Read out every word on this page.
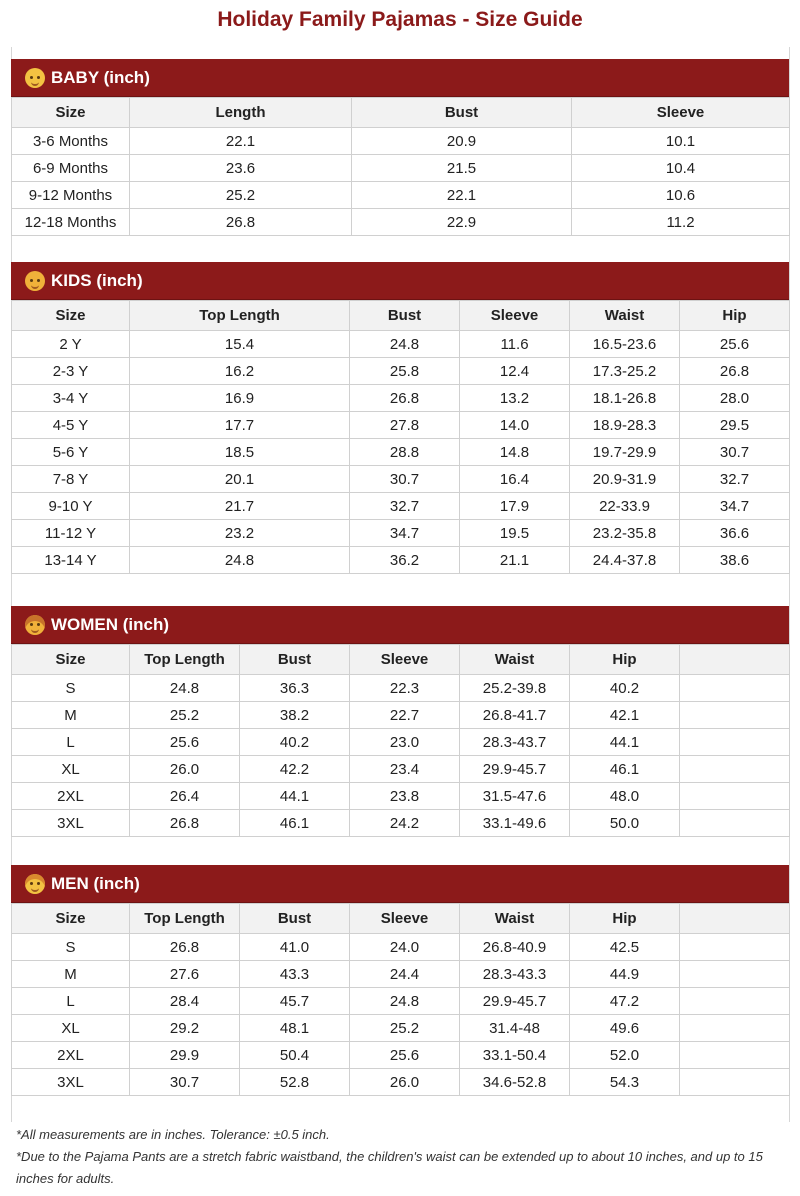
Holiday Family Pajamas - Size Guide
BABY (inch)
Size	Length	Bust	Sleeve
3-6 Months	22.1	20.9	10.1
6-9 Months	23.6	21.5	10.4
9-12 Months	25.2	22.1	10.6
12-18 Months	26.8	22.9	11.2
KIDS (inch)
Size	Top Length	Bust	Sleeve	Waist	Hip
2 Y	15.4	24.8	11.6	16.5-23.6	25.6
2-3 Y	16.2	25.8	12.4	17.3-25.2	26.8
3-4 Y	16.9	26.8	13.2	18.1-26.8	28.0
4-5 Y	17.7	27.8	14.0	18.9-28.3	29.5
5-6 Y	18.5	28.8	14.8	19.7-29.9	30.7
7-8 Y	20.1	30.7	16.4	20.9-31.9	32.7
9-10 Y	21.7	32.7	17.9	22-33.9	34.7
11-12 Y	23.2	34.7	19.5	23.2-35.8	36.6
13-14 Y	24.8	36.2	21.1	24.4-37.8	38.6
WOMEN (inch)
Size	Top Length	Bust	Sleeve	Waist	Hip	
S	24.8	36.3	22.3	25.2-39.8	40.2	
M	25.2	38.2	22.7	26.8-41.7	42.1	
L	25.6	40.2	23.0	28.3-43.7	44.1	
XL	26.0	42.2	23.4	29.9-45.7	46.1	
2XL	26.4	44.1	23.8	31.5-47.6	48.0	
3XL	26.8	46.1	24.2	33.1-49.6	50.0	
MEN (inch)
Size	Top Length	Bust	Sleeve	Waist	Hip	
S	26.8	41.0	24.0	26.8-40.9	42.5	
M	27.6	43.3	24.4	28.3-43.3	44.9	
L	28.4	45.7	24.8	29.9-45.7	47.2	
XL	29.2	48.1	25.2	31.4-48	49.6	
2XL	29.9	50.4	25.6	33.1-50.4	52.0	
3XL	30.7	52.8	26.0	34.6-52.8	54.3	
*All measurements are in inches. Tolerance: ±0.5 inch.
*Due to the Pajama Pants are a stretch fabric waistband, the children's waist can be extended up to about 10 inches, and up to 15 inches for adults.
